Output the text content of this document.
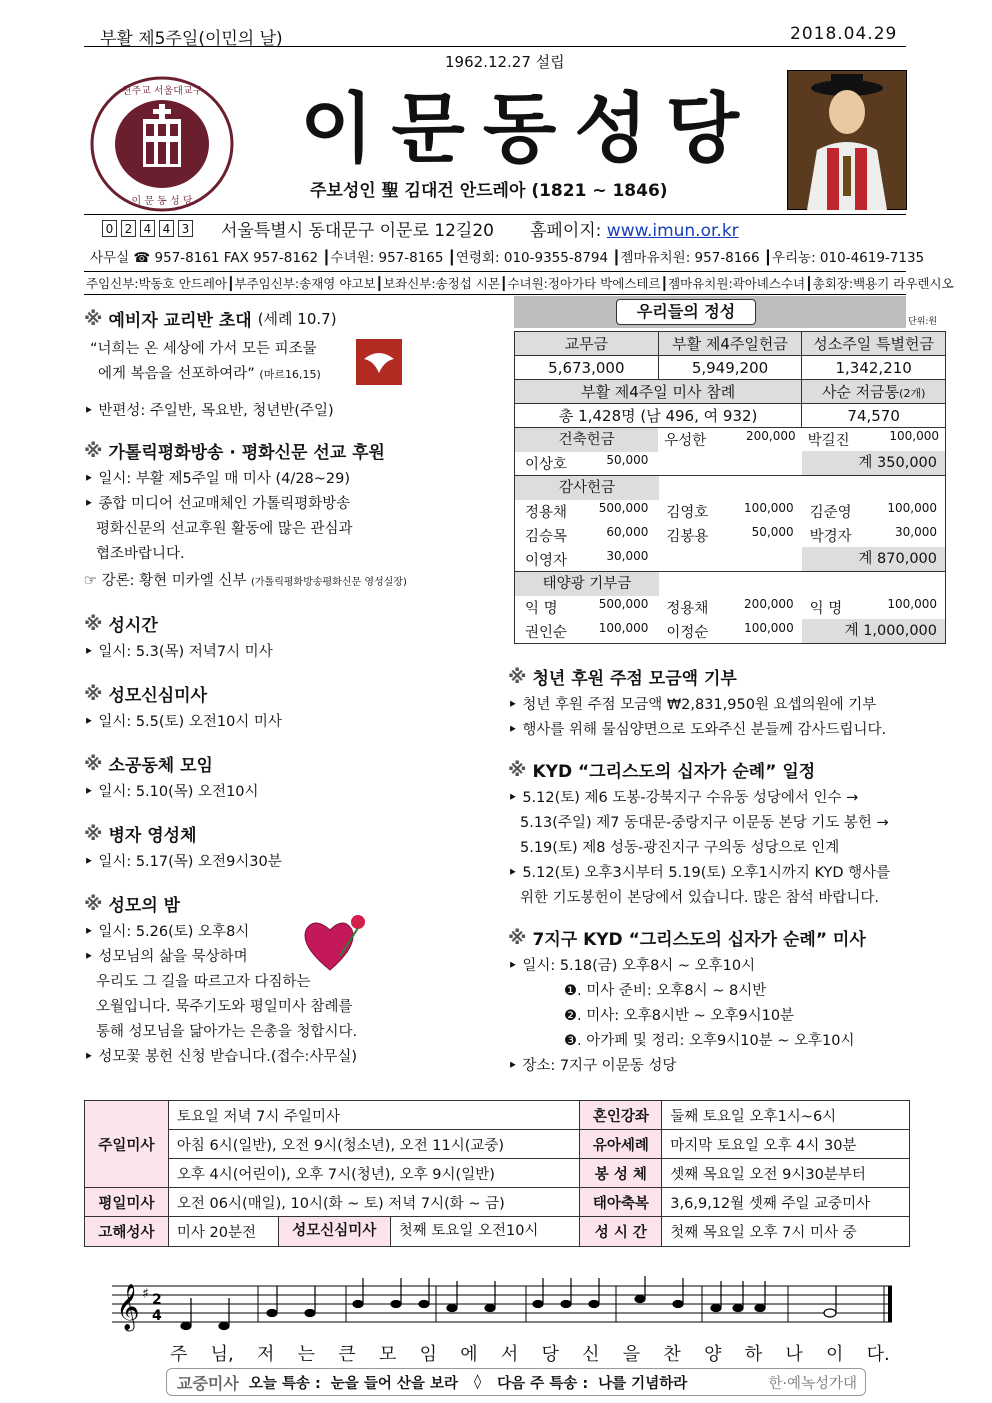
부활 제5주일(이민의 날)	2018.04.29
1962.12.27 설립
천주교 서울대교구
이 문 동 성 당
이문동성당
주보성인 聖 김대건 안드레아 (1821 ~ 1846)
0 2 4 4 3 서울특별시 동대문구 이문로 12길20 홈페이지: www.imun.or.kr
사무실 ☎ 957-8161 FAX 957-8162 ┃수녀원: 957-8165 ┃연령회: 010-9355-8794 ┃젬마유치원: 957-8166 ┃우리농: 010-4619-7135
주임신부:박동호 안드레아┃부주임신부:송재영 야고보┃보좌신부:송정섭 시몬┃수녀원:정아가타 박에스테르┃젬마유치원:곽아녜스수녀┃총회장:백용기 라우렌시오
※ 예비자 교리반 초대 (세례 10.7)
“너희는 온 세상에 가서 모든 피조물
에게 복음을 선포하여라” (마르16,15)
‣ 반편성: 주일반, 목요반, 청년반(주일)
※ 가톨릭평화방송 · 평화신문 선교 후원
‣ 일시: 부활 제5주일 매 미사 (4/28~29)
‣ 종합 미디어 선교매체인 가톨릭평화방송
평화신문의 선교후원 활동에 많은 관심과
협조바랍니다.
☞ 강론: 황현 미카엘 신부 (가톨릭평화방송평화신문 영성실장)
※ 성시간
‣ 일시: 5.3(목) 저녁7시 미사
※ 성모신심미사
‣ 일시: 5.5(토) 오전10시 미사
※ 소공동체 모임
‣ 일시: 5.10(목) 오전10시
※ 병자 영성체
‣ 일시: 5.17(목) 오전9시30분
※ 성모의 밤
‣ 일시: 5.26(토) 오후8시
‣ 성모님의 삶을 묵상하며
우리도 그 길을 따르고자 다짐하는
오월입니다. 묵주기도와 평일미사 참례를
통해 성모님을 닮아가는 은총을 청합시다.
‣ 성모꽃 봉헌 신청 받습니다.(접수:사무실)
우리들의 정성
단위:원
교무금	부활 제4주일헌금	성소주일 특별헌금
5,673,000	5,949,200	1,342,210
부활 제4주일 미사 참례		사순 저금통(2개)
총 1,428명 (남 496, 여 932)		74,570
건축헌금	우성한	200,000 박길진	100,000
이상호	50,000	계 350,000
감사헌금
정용채	500,000 김영호	100,000 김준영	100,000
김승목	60,000 김봉용	50,000 박경자	30,000
이영자	30,000	계 870,000
태양광 기부금
익 명	500,000 정용채	200,000 익 명	100,000
권인순	100,000 이정순	100,000	계 1,000,000
※ 청년 후원 주점 모금액 기부
‣ 청년 후원 주점 모금액 ₩2,831,950원 요셉의원에 기부
‣ 행사를 위해 물심양면으로 도와주신 분들께 감사드립니다.
※ KYD “그리스도의 십자가 순례” 일정
‣ 5.12(토) 제6 도봉-강북지구 수유동 성당에서 인수 →
5.13(주일) 제7 동대문-중랑지구 이문동 본당 기도 봉헌 →
5.19(토) 제8 성동-광진지구 구의동 성당으로 인계
‣ 5.12(토) 오후3시부터 5.19(토) 오후1시까지 KYD 행사를
위한 기도봉헌이 본당에서 있습니다. 많은 참석 바랍니다.
※ 7지구 KYD “그리스도의 십자가 순례” 미사
‣ 일시: 5.18(금) 오후8시 ~ 오후10시
❶. 미사 준비: 오후8시 ~ 8시반
❷. 미사: 오후8시반 ~ 오후9시10분
❸. 아가페 및 정리: 오후9시10분 ~ 오후10시
‣ 장소: 7지구 이문동 성당
주일미사	토요일 저녁 7시 주일미사		혼인강좌	둘째 토요일 오후1시~6시
	아침 6시(일반), 오전 9시(청소년), 오전 11시(교중)		유아세례	마지막 토요일 오후 4시 30분
	오후 4시(어린이), 오후 7시(청년), 오후 9시(일반)		봉 성 체	셋째 목요일 오전 9시30분부터
평일미사	오전 06시(매일), 10시(화 ~ 토) 저녁 7시(화 ~ 금)		태아축복	3,6,9,12월 셋째 주일 교중미사
고해성사	미사 20분전	성모신심미사 첫째 토요일 오전10시	성 시 간	첫째 목요일 오후 7시 미사 중
𝄞 ♯ 2
4
주 님, 저 는 큰 모 임 에 서 당 신 을 찬 양 하 나 이 다.
교중미사 오늘 특송 : 눈을 들어 산을 보라 ◊ 다음 주 특송 : 나를 기념하라	한·예녹성가대
